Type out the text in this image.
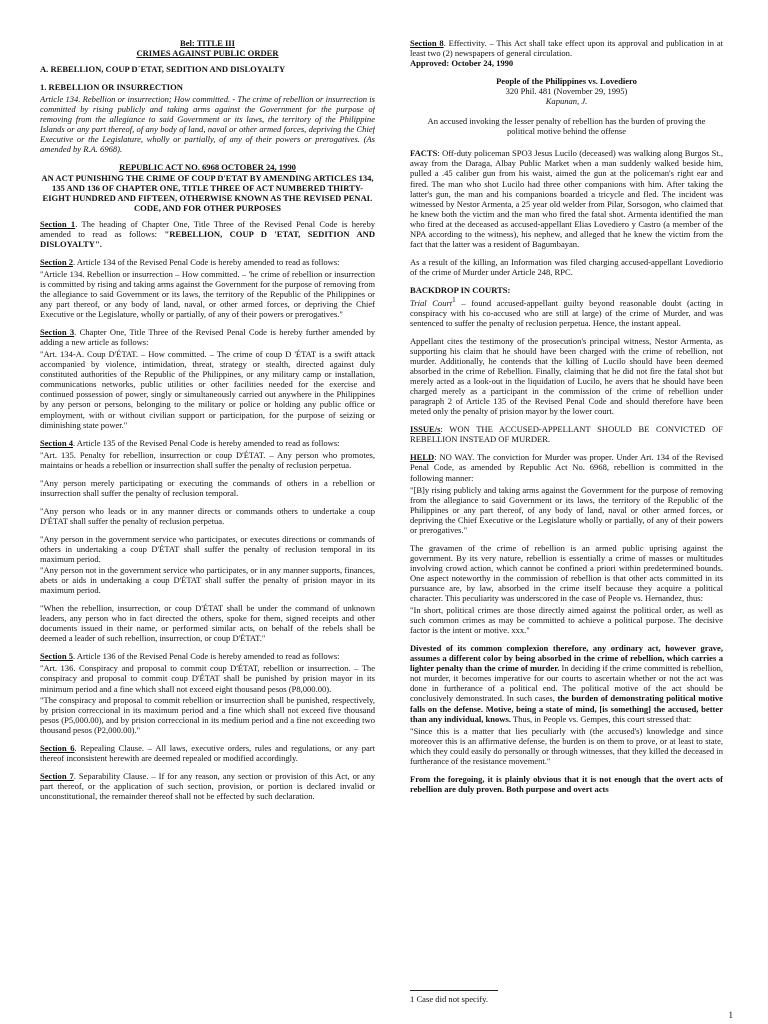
Bel: TITLE III
CRIMES AGAINST PUBLIC ORDER

A. REBELLION, COUP D´ETAT, SEDITION AND DISLOYALTY

1. REBELLION OR INSURRECTION

Article 134. Rebellion or insurrection; How committed. - The crime of rebellion or insurrection is committed by rising publicly and taking arms against the Government for the purpose of removing from the allegiance to said Government or its laws, the territory of the Philippine Islands or any part thereof, of any body of land, naval or other armed forces, depriving the Chief Executive or the Legislature, wholly or partially, of any of their powers or prerogatives. (As amended by R.A. 6968).

REPUBLIC ACT NO. 6968 OCTOBER 24, 1990
AN ACT PUNISHING THE CRIME OF COUP D'ETAT BY AMENDING ARTICLES 134, 135 AND 136 OF CHAPTER ONE, TITLE THREE OF ACT NUMBERED THIRTY-EIGHT HUNDRED AND FIFTEEN, OTHERWISE KNOWN AS THE REVISED PENAL CODE, AND FOR OTHER PURPOSES

Section 1. The heading of Chapter One, Title Three of the Revised Penal Code is hereby amended to read as follows: "REBELLION, COUP D 'ETAT, SEDITION AND DISLOYALTY".

Section 2. Article 134 of the Revised Penal Code is hereby amended to read as follows:

"Article 134. Rebellion or insurrection – How committed. – 'he crime of rebellion or insurrection is committed by rising and taking arms against the Government for the purpose of removing from the allegiance to said Government or its laws, the territory of the Republic of the Philippines or any part thereof, or any body of land, naval, or other armed forces, or depriving the Chief Executive or the Legislature, wholly or partially, of any of their powers or prerogatives."

Section 3. Chapter One, Title Three of the Revised Penal Code is hereby further amended by adding a new article as follows:

"Art. 134-A. Coup D'ÉTAT. – How committed. – The crime of coup D 'ÉTAT is a swift attack accompanied by violence, intimidation, threat, strategy or stealth, directed against duly constituted authorities of the Republic of the Philippines, or any military camp or installation, communications networks, public utilities or other facilities needed for the exercise and continued possession of power, singly or simultaneously carried out anywhere in the Philippines by any person or persons, belonging to the military or police or holding any public office or employment, with or without civilian support or participation, for the purpose of seizing or diminishing state power."

Section 4. Article 135 of the Revised Penal Code is hereby amended to read as follows:

"Art. 135. Penalty for rebellion, insurrection or coup D'ÉTAT. – Any person who promotes, maintains or heads a rebellion or insurrection shall suffer the penalty of reclusion perpetua.

"Any person merely participating or executing the commands of others in a rebellion or insurrection shall suffer the penalty of reclusion temporal.

"Any person who leads or in any manner directs or commands others to undertake a coup D'ÉTAT shall suffer the penalty of reclusion perpetua.

"Any person in the government service who participates, or executes directions or commands of others in undertaking a coup D'ÉTAT shall suffer the penalty of reclusion temporal in its maximum period.

"Any person not in the government service who participates, or in any manner supports, finances, abets or aids in undertaking a coup D'ÉTAT shall suffer the penalty of prision mayor in its maximum period.

"When the rebellion, insurrection, or coup D'ÉTAT shall be under the command of unknown leaders, any person who in fact directed the others, spoke for them, signed receipts and other documents issued in their name, or performed similar acts, on behalf of the rebels shall be deemed a leader of such rebellion, insurrection, or coup D'ÉTAT."

Section 5. Article 136 of the Revised Penal Code is hereby amended to read as follows:

"Art. 136. Conspiracy and proposal to commit coup D'ÉTAT, rebellion or insurrection. – The conspiracy and proposal to commit coup D'ÉTAT shall be punished by prision mayor in its minimum period and a fine which shall not exceed eight thousand pesos (P8,000.00).

"The conspiracy and proposal to commit rebellion or insurrection shall be punished, respectively, by prision correccional in its maximum period and a fine which shall not exceed five thousand pesos (P5,000.00), and by prision correccional in its medium period and a fine not exceeding two thousand pesos (P2,000.00)."

Section 6. Repealing Clause. – All laws, executive orders, rules and regulations, or any part thereof inconsistent herewith are deemed repealed or modified accordingly.

Section 7. Separability Clause. – If for any reason, any section or provision of this Act, or any part thereof, or the application of such section, provision, or portion is declared invalid or unconstitutional, the remainder thereof shall not be effected by such declaration.

Section 8. Effectivity. – This Act shall take effect upon its approval and publication in at least two (2) newspapers of general circulation.

Approved: October 24, 1990

People of the Philippines vs. Lovediero
320 Phil. 481 (November 29, 1995)
Kapunan, J.

An accused invoking the lesser penalty of rebellion has the burden of proving the political motive behind the offense

FACTS: Off-duty policeman SPO3 Jesus Lucilo (deceased) was walking along Burgos St., away from the Daraga, Albay Public Market when a man suddenly walked beside him, pulled a .45 caliber gun from his waist, aimed the gun at the policeman's right ear and fired. The man who shot Lucilo had three other companions with him. After taking the latter's gun, the man and his companions boarded a tricycle and fled. The incident was witnessed by Nestor Armenta, a 25 year old welder from Pilar, Sorsogon, who claimed that he knew both the victim and the man who fired the fatal shot. Armenta identified the man who fired at the deceased as accused-appellant Elias Lovediero y Castro (a member of the NPA according to the witness), his nephew, and alleged that he knew the victim from the fact that the latter was a resident of Bagumbayan.

As a result of the killing, an Information was filed charging accused-appellant Lovediorio of the crime of Murder under Article 248, RPC.

BACKDROP IN COURTS:

Trial Court$^1$ – found accused-appellant guilty beyond reasonable doubt (acting in conspiracy with his co-accused who are still at large) of the crime of Murder, and was sentenced to suffer the penalty of reclusion perpetua. Hence, the instant appeal.

Appellant cites the testimony of the prosecution's principal witness, Nestor Armenta, as supporting his claim that he should have been charged with the crime of rebellion, not murder. Additionally, he contends that the killing of Lucilo should have been deemed absorbed in the crime of Rebellion. Finally, claiming that he did not fire the fatal shot but merely acted as a look-out in the liquidation of Lucilo, he avers that he should have been charged merely as a participant in the commission of the crime of rebellion under paragraph 2 of Article 135 of the Revised Penal Code and should therefore have been meted only the penalty of prision mayor by the lower court.

ISSUE/s: WON THE ACCUSED-APPELLANT SHOULD BE CONVICTED OF REBELLION INSTEAD OF MURDER.

HELD: NO WAY. The conviction for Murder was proper. Under Art. 134 of the Revised Penal Code, as amended by Republic Act No. 6968, rebellion is committed in the following manner:

"[B]y rising publicly and taking arms against the Government for the purpose of removing from the allegiance to said Government or its laws, the territory of the Republic of the Philippines or any part thereof, of any body of land, naval or other armed forces, or depriving the Chief Executive or the Legislature wholly or partially, of any of their powers or prerogatives."

The gravamen of the crime of rebellion is an armed public uprising against the government. By its very nature, rebellion is essentially a crime of masses or multitudes involving crowd action, which cannot be confined a priori within predetermined bounds. One aspect noteworthy in the commission of rebellion is that other acts committed in its pursuance are, by law, absorbed in the crime itself because they acquire a political character. This peculiarity was underscored in the case of People vs. Hernandez, thus:

"In short, political crimes are those directly aimed against the political order, as well as such common crimes as may be committed to achieve a political purpose. The decisive factor is the intent or motive. xxx."

Divested of its common complexion therefore, any ordinary act, however grave, assumes a different color by being absorbed in the crime of rebellion, which carries a lighter penalty than the crime of murder. In deciding if the crime committed is rebellion, not murder, it becomes imperative for our courts to ascertain whether or not the act was done in furtherance of a political end. The political motive of the act should be conclusively demonstrated. In such cases, the burden of demonstrating political motive falls on the defense. Motive, being a state of mind, [is something] the accused, better than any individual, knows. Thus, in People vs. Gempes, this court stressed that:

"Since this is a matter that lies peculiarly with (the accused's) knowledge and since moreover this is an affirmative defense, the burden is on them to prove, or at least to state, which they could easily do personally or through witnesses, that they killed the deceased in furtherance of the resistance movement."

From the foregoing, it is plainly obvious that it is not enough that the overt acts of rebellion are duly proven. Both purpose and overt acts

1 Case did not specify.
1
